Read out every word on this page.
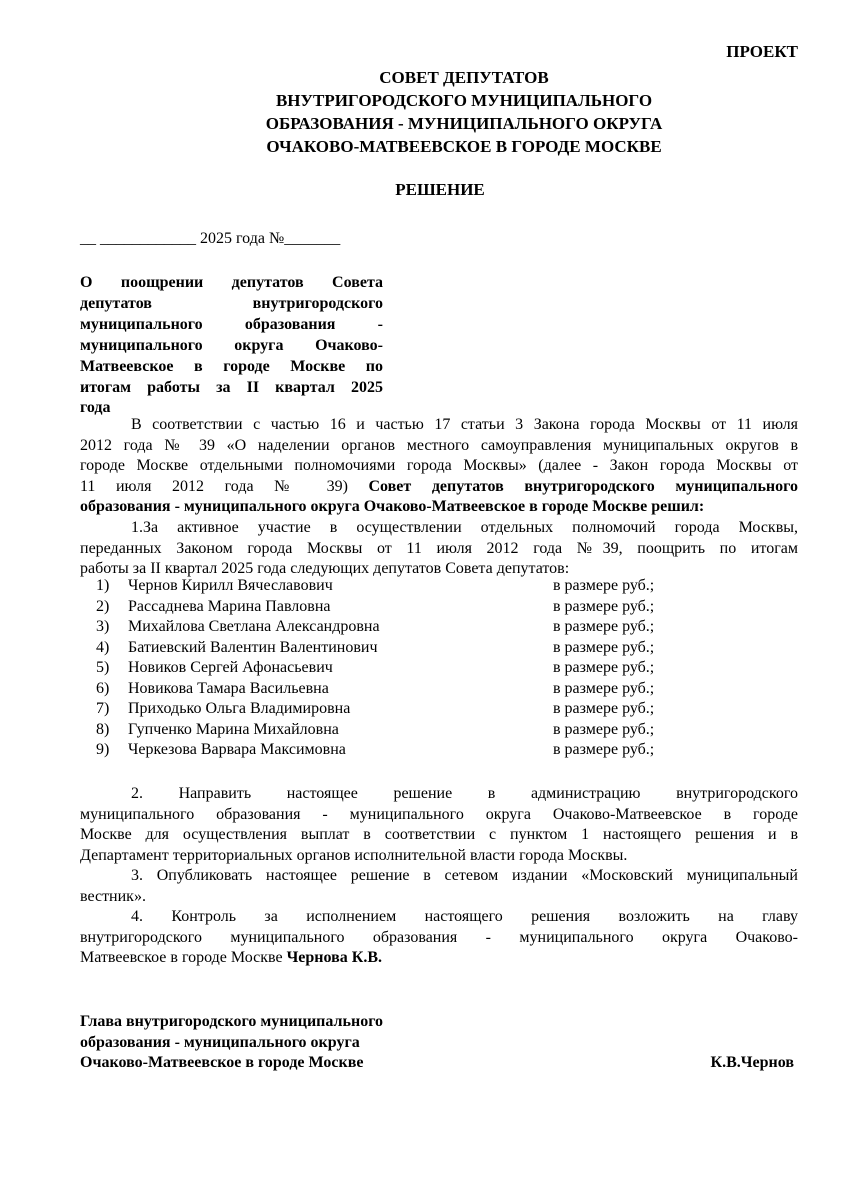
ПРОЕКТ
СОВЕТ ДЕПУТАТОВ
ВНУТРИГОРОДСКОГО МУНИЦИПАЛЬНОГО
ОБРАЗОВАНИЯ - МУНИЦИПАЛЬНОГО ОКРУГА
ОЧАКОВО-МАТВЕЕВСКОЕ В ГОРОДЕ МОСКВЕ
РЕШЕНИЕ
__ ____________ 2025 года №_______
О поощрении депутатов Совета
депутатов внутригородского
муниципального образования -
муниципального округа Очаково-
Матвеевское в городе Москве по
итогам работы за II квартал 2025
года
В соответствии с частью 16 и частью 17 статьи 3 Закона города Москвы от 11 июля
2012 года № 39 «О наделении органов местного самоуправления муниципальных округов в
городе Москве отдельными полномочиями города Москвы» (далее - Закон города Москвы от
11 июля 2012 года № 39) Совет депутатов внутригородского муниципального
образования - муниципального округа Очаково-Матвеевское в городе Москве решил:
1.За активное участие в осуществлении отдельных полномочий города Москвы,
переданных Законом города Москвы от 11 июля 2012 года №39, поощрить по итогам
работы за II квартал 2025 года следующих депутатов Совета депутатов:
1)	Чернов Кирилл Вячеславович	в размере руб.;
2)	Рассаднева Марина Павловна	в размере руб.;
3)	Михайлова Светлана Александровна	в размере руб.;
4)	Батиевский Валентин Валентинович	в размере руб.;
5)	Новиков Сергей Афонасьевич	в размере руб.;
6)	Новикова Тамара Васильевна	в размере руб.;
7)	Приходько Ольга Владимировна	в размере руб.;
8)	Гупченко Марина Михайловна	в размере руб.;
9)	Черкезова Варвара Максимовна	в размере руб.;
2. Направить настоящее решение в администрацию внутригородского
муниципального образования - муниципального округа Очаково-Матвеевское в городе
Москве для осуществления выплат в соответствии с пунктом 1 настоящего решения и в
Департамент территориальных органов исполнительной власти города Москвы.
3. Опубликовать настоящее решение в сетевом издании «Московский муниципальный
вестник».
4. Контроль за исполнением настоящего решения возложить на главу
внутригородского муниципального образования - муниципального округа Очаково-
Матвеевское в городе Москве Чернова К.В.
Глава внутригородского муниципального
образования - муниципального округа
Очаково-Матвеевское в городе Москве	К.В.Чернов
